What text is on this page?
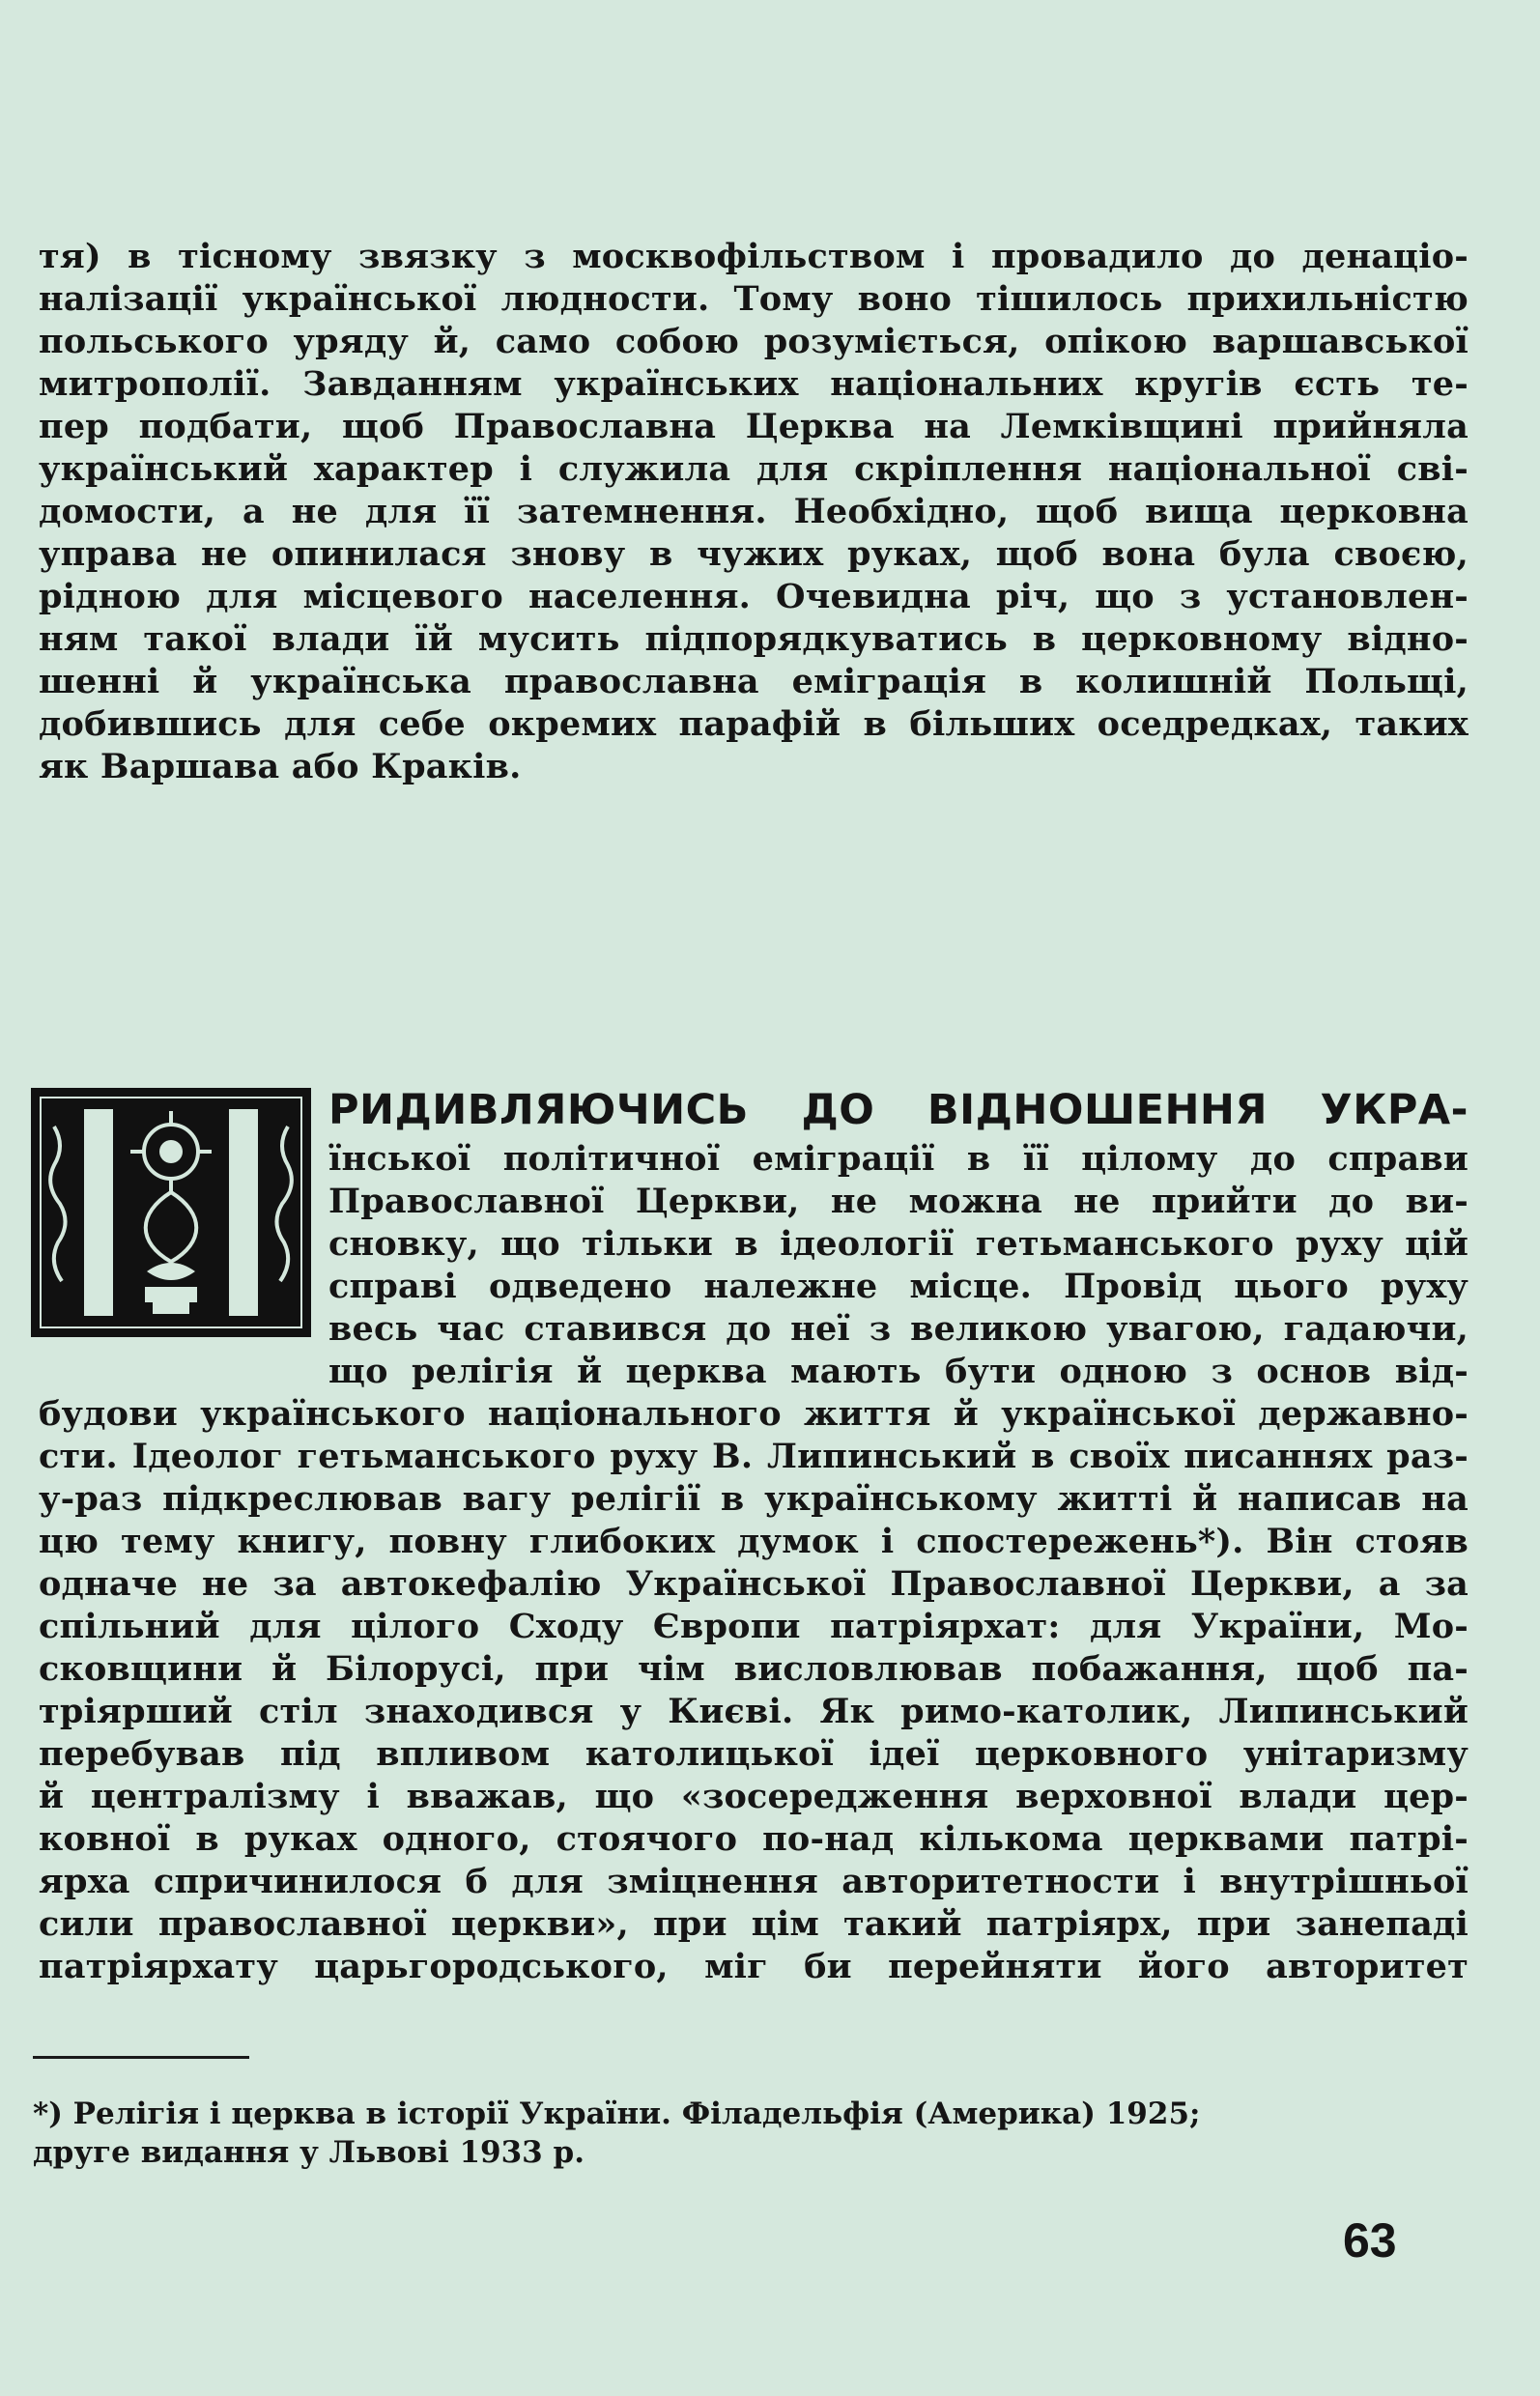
тя) в тісному звязку з москвофільством і провадило до денаціо-
налізації української людности. Тому воно тішилось прихильністю
польського уряду й, само собою розуміється, опікою варшавської
митрополії. Завданням українських національних кругів єсть те-
пер подбати, щоб Православна Церква на Лемківщині прийняла
український характер і служила для скріплення національної сві-
домости, а не для її затемнення. Необхідно, щоб вища церковна
управа не опинилася знову в чужих руках, щоб вона була своєю,
рідною для місцевого населення. Очевидна річ, що з установлен-
ням такої влади їй мусить підпорядкуватись в церковному відно-
шенні й українська православна еміграція в колишній Польщі,
добившись для себе окремих парафій в більших оседредках, таких
як Варшава або Краків.
РИДИВЛЯЮЧИСЬ ДО ВІДНОШЕННЯ УКРА-
їнської політичної еміграції в її цілому до справи
Православної Церкви, не можна не прийти до ви-
сновку, що тільки в ідеології гетьманського руху цій
справі одведено належне місце. Провід цього руху
весь час ставився до неї з великою увагою, гадаючи,
що релігія й церква мають бути одною з основ від-
будови українського національного життя й української державно-
сти. Ідеолог гетьманського руху В. Липинський в своїх писаннях раз-
у-раз підкреслював вагу релігії в українському житті й написав на
цю тему книгу, повну глибоких думок і спостережень*). Він стояв
одначе не за автокефалію Української Православної Церкви, а за
спільний для цілого Сходу Європи патріярхат: для України, Мо-
сковщини й Білорусі, при чім висловлював побажання, щоб па-
тріярший стіл знаходився у Києві. Як римо-католик, Липинський
перебував під впливом католицької ідеї церковного унітаризму
й централізму і вважав, що «зосередження верховної влади цер-
ковної в руках одного, стоячого по-над кількома церквами патрі-
ярха спричинилося б для зміцнення авторитетности і внутрішньої
сили православної церкви», при цім такий патріярх, при занепаді
патріярхату царьгородського, міг би перейняти його авторитет
*) Релігія і церква в історії України. Філадельфія (Америка) 1925;
друге видання у Львові 1933 р.
63
